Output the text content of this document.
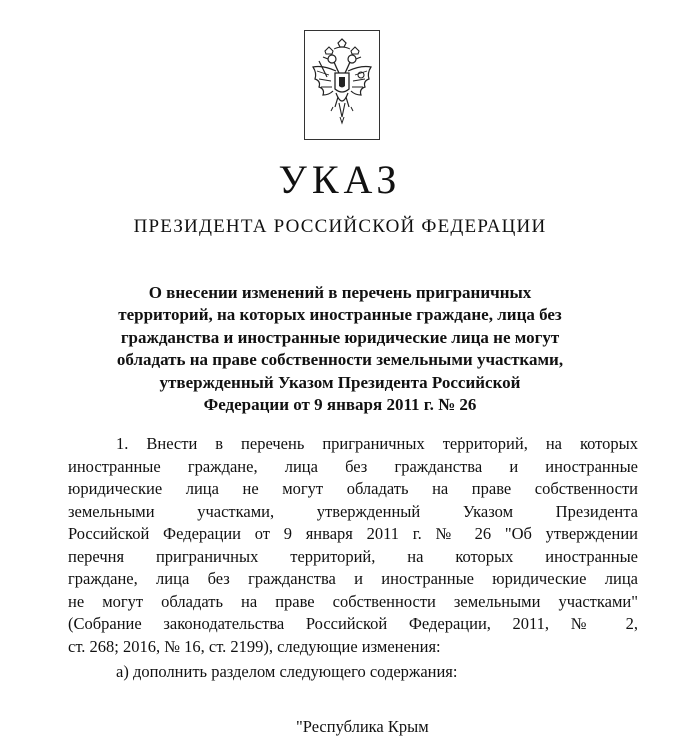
УКАЗ
ПРЕЗИДЕНТА РОССИЙСКОЙ ФЕДЕРАЦИИ
О внесении изменений в перечень приграничных
территорий, на которых иностранные граждане, лица без
гражданства и иностранные юридические лица не могут
обладать на праве собственности земельными участками,
утвержденный Указом Президента Российской
Федерации от 9 января 2011 г. № 26
1. Внести в перечень приграничных территорий, на которых
иностранные граждане, лица без гражданства и иностранные
юридические лица не могут обладать на праве собственности
земельными участками, утвержденный Указом Президента
Российской Федерации от 9 января 2011 г. № 26 "Об утверждении
перечня приграничных территорий, на которых иностранные
граждане, лица без гражданства и иностранные юридические лица
не могут обладать на праве собственности земельными участками"
(Собрание законодательства Российской Федерации, 2011, № 2,
ст. 268; 2016, № 16, ст. 2199), следующие изменения:
а) дополнить разделом следующего содержания:
"Республика Крым
